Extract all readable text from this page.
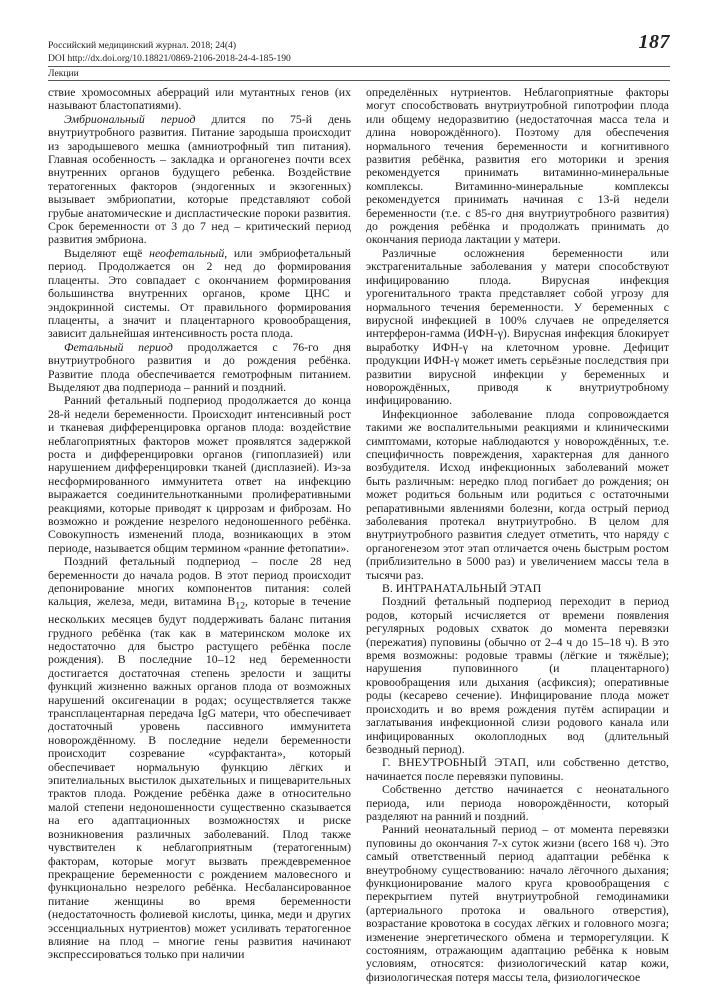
Российский медицинский журнал. 2018; 24(4)
DOI http://dx.doi.org/10.18821/0869-2106-2018-24-4-185-190
187
Лекции

ствие хромосомных аберраций или мутантных генов (их называют бластопатиями).

Эмбриональный период длится по 75-й день внутриутробного развития. Питание зародыша происходит из зародышевого мешка (амниотрофный тип питания). Главная особенность – закладка и органогенез почти всех внутренних органов будущего ребенка. Воздействие тератогенных факторов (эндогенных и экзогенных) вызывает эмбриопатии, которые представляют собой грубые анатомические и диспластические пороки развития. Срок беременности от 3 до 7 нед – критический период развития эмбриона.

Выделяют ещё неофетальный, или эмбриофетальный период. Продолжается он 2 нед до формирования плаценты. Это совпадает с окончанием формирования большинства внутренних органов, кроме ЦНС и эндокринной системы. От правильного формирования плаценты, а значит и плацентарного кровообращения, зависит дальнейшая интенсивность роста плода.

Фетальный период продолжается с 76-го дня внутриутробного развития и до рождения ребёнка. Развитие плода обеспечивается гемотрофным питанием. Выделяют два подпериода – ранний и поздний.

Ранний фетальный подпериод продолжается до конца 28-й недели беременности. Происходит интенсивный рост и тканевая дифференцировка органов плода: воздействие неблагоприятных факторов может проявлятся задержкой роста и дифференцировки органов (гипоплазией) или нарушением дифференцировки тканей (дисплазией). Из-за несформированного иммунитета ответ на инфекцию выражается соединительнотканными пролиферативными реакциями, которые приводят к циррозам и фиброзам. Но возможно и рождение незрелого недоношенного ребёнка. Совокупность изменений плода, возникающих в этом периоде, называется общим термином «ранние фетопатии».

Поздний фетальный подпериод – после 28 нед беременности до начала родов. В этот период происходит депонирование многих компонентов питания: солей кальция, железа, меди, витамина $B_{12}$, которые в течение нескольких месяцев будут поддерживать баланс питания грудного ребёнка (так как в материнском молоке их недостаточно для быстро растущего ребёнка после рождения). В последние 10–12 нед беременности достигается достаточная степень зрелости и защиты функций жизненно важных органов плода от возможных нарушений оксигенации в родах; осуществляется также трансплацентарная передача IgG матери, что обеспечивает достаточный уровень пассивного иммунитета новорождённому. В последние недели беременности происходит созревание «сурфактанта», который обеспечивает нормальную функцию лёгких и эпителиальных выстилок дыхательных и пищеварительных трактов плода. Рождение ребёнка даже в относительно малой степени недоношенности существенно сказывается на его адаптационных возможностях и риске возникновения различных заболеваний. Плод также чувствителен к неблагоприятным (тератогенным) факторам, которые могут вызвать преждевременное прекращение беременности с рождением маловесного и функционально незрелого ребёнка. Несбалансированное питание женщины во время беременности (недостаточность фолиевой кислоты, цинка, меди и других эссенциальных нутриентов) может усиливать тератогенное влияние на плод – многие гены развития начинают экспрессироваться только при наличии

определённых нутриентов. Неблагоприятные факторы могут способствовать внутриутробной гипотрофии плода или общему недоразвитию (недостаточная масса тела и длина новорождённого). Поэтому для обеспечения нормального течения беременности и когнитивного развития ребёнка, развития его моторики и зрения рекомендуется принимать витаминно-минеральные комплексы. Витаминно-минеральные комплексы рекомендуется принимать начиная с 13-й недели беременности (т.е. с 85-го дня внутриутробного развития) до рождения ребёнка и продолжать принимать до окончания периода лактации у матери.

Различные осложнения беременности или экстрагенитальные заболевания у матери способствуют инфицированию плода. Вирусная инфекция урогенитального тракта представляет собой угрозу для нормального течения беременности. У беременных с вирусной инфекцией в 100% случаев не определяется интерферон-гамма (ИФН-γ). Вирусная инфекция блокирует выработку ИФН-γ на клеточном уровне. Дефицит продукции ИФН-γ может иметь серьёзные последствия при развитии вирусной инфекции у беременных и новорождённых, приводя к внутриутробному инфицированию.

Инфекционное заболевание плода сопровождается такими же воспалительными реакциями и клиническими симптомами, которые наблюдаются у новорождённых, т.е. специфичность повреждения, характерная для данного возбудителя. Исход инфекционных заболеваний может быть различным: нередко плод погибает до рождения; он может родиться больным или родиться с остаточными репаративными явлениями болезни, когда острый период заболевания протекал внутриутробно. В целом для внутриутробного развития следует отметить, что наряду с органогенезом этот этап отличается очень быстрым ростом (приблизительно в 5000 раз) и увеличением массы тела в тысячи раз.

В. ИНТРАНАТАЛЬНЫЙ ЭТАП

Поздний фетальный подпериод переходит в период родов, который исчисляется от времени появления регулярных родовых схваток до момента перевязки (пережатия) пуповины (обычно от 2–4 ч до 15–18 ч). В это время возможны: родовые травмы (лёгкие и тяжёлые); нарушения пуповинного (и плацентарного) кровообращения или дыхания (асфиксия); оперативные роды (кесарево сечение). Инфицирование плода может происходить и во время рождения путём аспирации и заглатывания инфекционной слизи родового канала или инфицированных околоплодных вод (длительный безводный период).

Г. ВНЕУТРОБНЫЙ ЭТАП, или собственно детство, начинается после перевязки пуповины.

Собственно детство начинается с неонатального периода, или периода новорождённости, который разделяют на ранний и поздний.

Ранний неонатальный период – от момента перевязки пуповины до окончания 7-х суток жизни (всего 168 ч). Это самый ответственный период адаптации ребёнка к внеутробному существованию: начало лёгочного дыхания; функционирование малого круга кровообращения с перекрытием путей внутриутробной гемодинамики (артериального протока и овального отверстия), возрастание кровотока в сосудах лёгких и головного мозга; изменение энергетического обмена и терморегуляции. К состояниям, отражающим адаптацию ребёнка к новым условиям, относятся: физиологический катар кожи, физиологическая потеря массы тела, физиологическое
